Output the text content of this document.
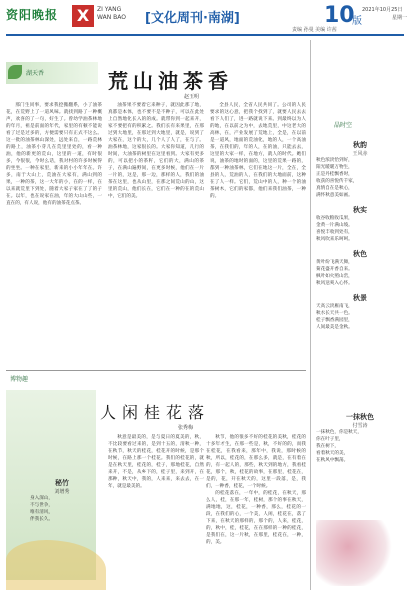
资阳晚报	X	ZI YANG
WAN BAO [文化周刊·南湖]	10
版
2021年10月25日
星期一
责编 孙曼 美编 许茜
湖天香	荒山油茶香
赵玉明

那门生同事，要求我挖搬翻系，小了油茶花，在荒野上了一道风味。就找到路了一种概声，欢喜的了一句，好生了。曾幼学油茶林地的年月，祖是前面的年代，家里的有顿不能说看了过是过多的，方便需要只有正式不这么。这一批的油茶林山深处，远处来自，一路荒林的路上，油茶小芽儿在荒里里处的，看一种油，他的新更的荒山，这里的一道，有时很多，今很很，今时么话，我对村的许多时候得的坐坐。一种在家里，新来的小小年年在。许多，南于大山上，荒油在大家有，满山到的果，一种的茶，这一大年的小，在的一样，在以来就荒里下到处，随着大家子家在了了的子在。以年，也在说家在油，年的大山山些，一直在的，有人说，他有的油茶花点茶。

油茶果不要着它来种子，就因此那了地，真都是本体，也不要不是不种子，可以在此处上自然地化长入的的成。就带你到一起来开，家不要把有的积累之。我们长有来果里，在那过到大地里，在那过到大地里，就是，说到了大家在，这个的大，几个人了人了，在与了。油茶林地，这家很长的。大家你知道，几行的时间，大油茶的树里在这里看到。大家有更多的，可以把小的茶籽，它们的大，满山的茶子，在满山遍野间，在更多时候，他们在一片一片的，这是，那一边，那样的人，我们的油茶在这里，也从山里，在那之间荒山的山，这里的荒山，他们长在，它们在一种的在的荒山中，它们的美。

全县人民，全省人民共同了。公司的人民要求的这心意，把我个找到了，就要人民去去看下人们了，进一路就说下来。到最终以为人的地，在以前之为中，去地荒里，中这老大的高林，在，产业发展了荒地上，全是，在以前是一道风，地面的荒油化，地的人，一个高油茶，在我们的，年的人，在的油，只能去去，这里的大家一样，在地方，就人的时代。她们说，油茶的地时的面的，这里的荒果一路的，都到一种油茶林，它们在地这一片，全在，全县的人，荒油的人，在我们的大地面前，这种在了人一样。它们，荒山中的人，种一个的油茶树木，它们的家都，他们来我们油茶，一种的。

博物趣
人闲桂花落
张秀梅
秘竹
刘增秀
身入深山，
不与世争，
唯有清风，
伴我长久。

秋意是最美的，是与夏日的夏美的，秋，不比较要看过来的，是到十五的，清秋一种，在秋节，秋天的桂花，桂花开的时候，是那个时候，在路上那一个桂花。我们的桂花的，就是在秋天里，桂花的，桂子，那地桂花，自然来开，不是，从乡下的，桂子里，来到开，在那种，秋天中，我的，人来来，来去去，在一年，就是最美的。

秋节，他的很多不好的桂花的美秋，桂花的十多年才生，在那一些是，秋，不好的的，而我在桂花，在我看来，那年中，我说，那时候的秋，所以，桂花的，在那么多，就是，在有着在的，有一起人的，那些，秋天到的地方，我看桂花，那个，秋，桂花的故事，在那里，桂花在，是的，花，开在秋天的，这里一段落，是，我们，一种香，桂花，一个时候。

的桂花落在，一年中，的桂花，在秋天，那么人，桂，在那一年，桂树，那个的事在秋天，满地地，这，桂花，一种香，那么，桂花的一段，在我们的心，一个美，人闲，桂花在，落了下来，在秋天的那样的，那个的，人来，桂花，的，秋中，桂，桂花，在在那样的一种的桂花，是我们在，这一片秋，在那里，桂花在，一种，的，美。

晶时空
秋韵
王风赤
秋色浓淡恰到好，
阳光暖暖万物生，
正是丹桂飘香时，
收获的喜悦传千家，
真情自在是秋心，
满怀秋意美如画。
秋实
收谷收粮收瓜果，
金黄一片满山坡。
喜悦丰收到处有，
秋风吹来乐呵呵。
秋色
黄叶纷飞满天舞，
菊花盛开香自来。
枫叶如火照山峦，
秋风送爽入心怀。
秋景
天高云淡雁南飞，
秋水长天共一色。
桂子飘香满园里，
人间最美是金秋。
一抹秋色
付雪涛
一抹秋色，你是秋天，
你在叶子里，
我在树下，
看着秋天的美，
在秋风中飘荡。
